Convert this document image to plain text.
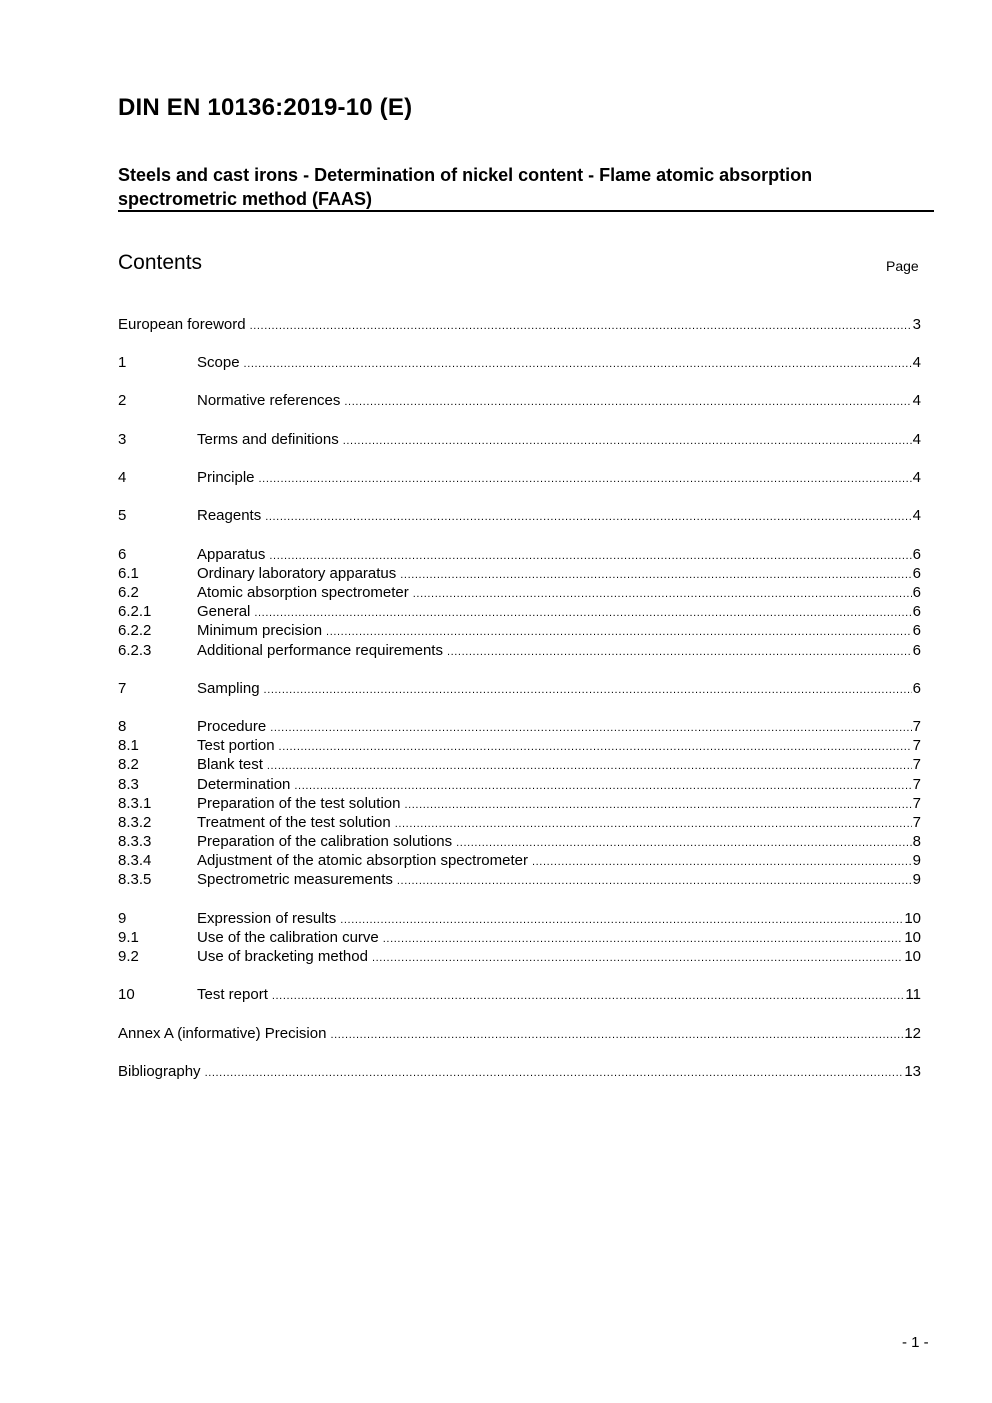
DIN EN 10136:2019-10 (E)
Steels and cast irons - Determination of nickel content - Flame atomic absorption spectrometric method (FAAS)
Contents	Page
European foreword .....	3
1	Scope .....	4
2	Normative references .....	4
3	Terms and definitions .....	4
4	Principle .....	4
5	Reagents .....	4
6	Apparatus .....	6
6.1	Ordinary laboratory apparatus .....	6
6.2	Atomic absorption spectrometer .....	6
6.2.1	General .....	6
6.2.2	Minimum precision .....	6
6.2.3	Additional performance requirements .....	6
7	Sampling .....	6
8	Procedure .....	7
8.1	Test portion .....	7
8.2	Blank test .....	7
8.3	Determination .....	7
8.3.1	Preparation of the test solution .....	7
8.3.2	Treatment of the test solution .....	7
8.3.3	Preparation of the calibration solutions .....	8
8.3.4	Adjustment of the atomic absorption spectrometer .....	9
8.3.5	Spectrometric measurements .....	9
9	Expression of results .....	10
9.1	Use of the calibration curve .....	10
9.2	Use of bracketing method .....	10
10	Test report .....	11
Annex A (informative) Precision .....	12
Bibliography .....	13
- 1 -
